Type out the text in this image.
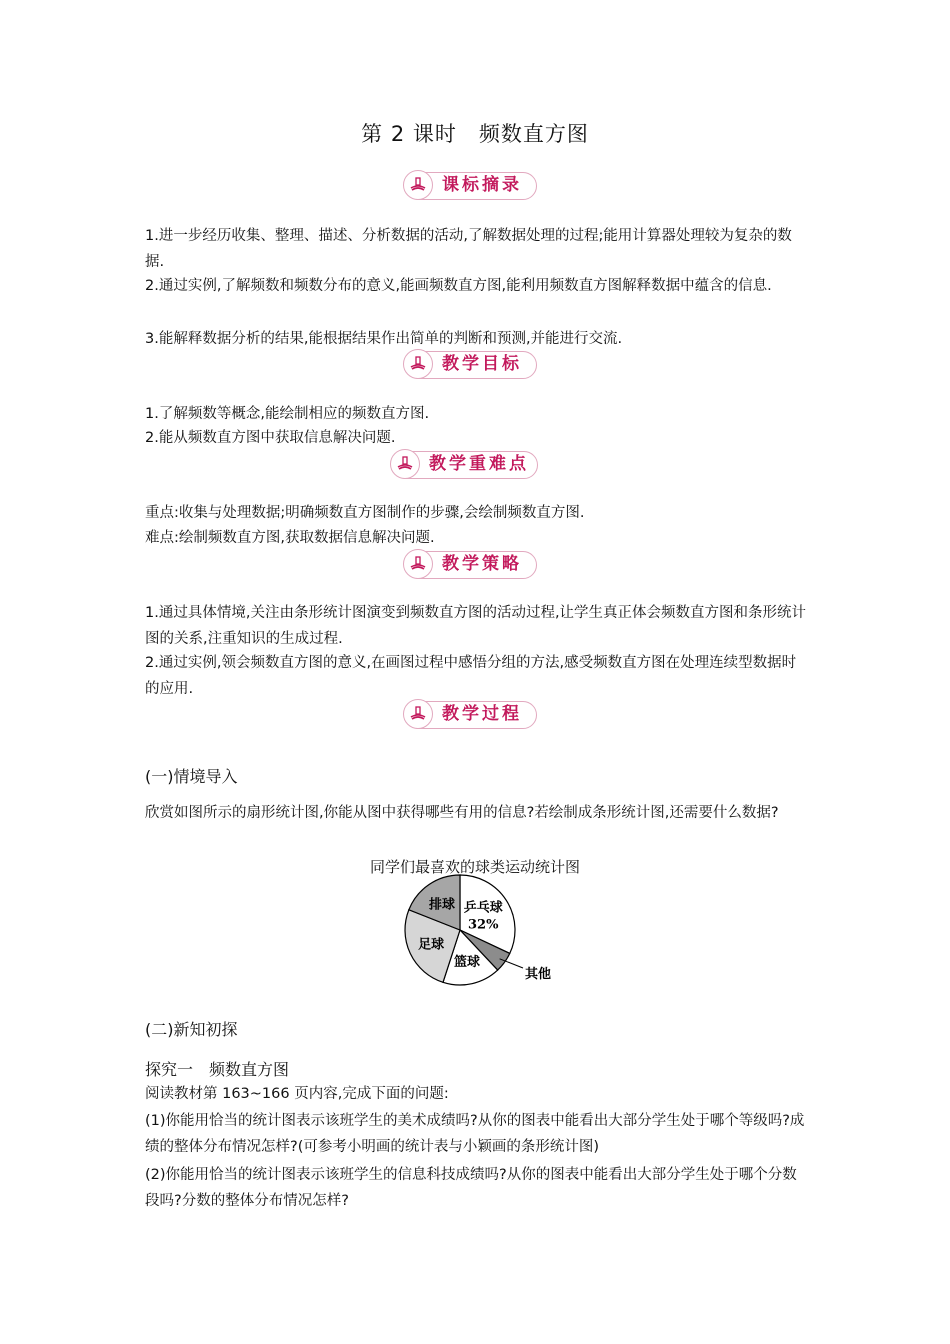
第 2 课时　频数直方图
课标摘录
教学目标
教学重难点
教学策略
教学过程
1.进一步经历收集、整理、描述、分析数据的活动,了解数据处理的过程;能用计算器处理较为复杂的数据.
2.通过实例,了解频数和频数分布的意义,能画频数直方图,能利用频数直方图解释数据中蕴含的信息.
3.能解释数据分析的结果,能根据结果作出简单的判断和预测,并能进行交流.
1.了解频数等概念,能绘制相应的频数直方图.
2.能从频数直方图中获取信息解决问题.
重点:收集与处理数据;明确频数直方图制作的步骤,会绘制频数直方图.
难点:绘制频数直方图,获取数据信息解决问题.
1.通过具体情境,关注由条形统计图演变到频数直方图的活动过程,让学生真正体会频数直方图和条形统计图的关系,注重知识的生成过程.
2.通过实例,领会频数直方图的意义,在画图过程中感悟分组的方法,感受频数直方图在处理连续型数据时的应用.
(一)情境导入
欣赏如图所示的扇形统计图,你能从图中获得哪些有用的信息?若绘制成条形统计图,还需要什么数据?
同学们最喜欢的球类运动统计图
乒乓球
32%
其他
篮球
足球
排球
(二)新知初探
探究一　频数直方图
阅读教材第 163~166 页内容,完成下面的问题:
(1)你能用恰当的统计图表示该班学生的美术成绩吗?从你的图表中能看出大部分学生处于哪个等级吗?成绩的整体分布情况怎样?(可参考小明画的统计表与小颖画的条形统计图)
(2)你能用恰当的统计图表示该班学生的信息科技成绩吗?从你的图表中能看出大部分学生处于哪个分数段吗?分数的整体分布情况怎样?
